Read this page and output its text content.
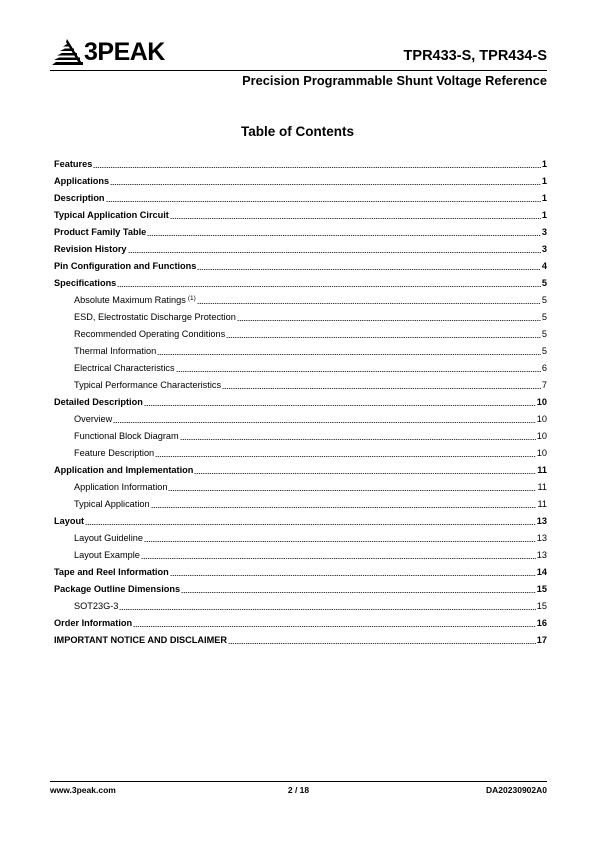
3PEAK	TPR433-S, TPR434-S
Precision Programmable Shunt Voltage Reference
Table of Contents
Features	1
Applications	1
Description	1
Typical Application Circuit	1
Product Family Table	3
Revision History	3
Pin Configuration and Functions	4
Specifications	5
Absolute Maximum Ratings $^{(1)}$	5
ESD, Electrostatic Discharge Protection	5
Recommended Operating Conditions	5
Thermal Information	5
Electrical Characteristics	6
Typical Performance Characteristics	7
Detailed Description	10
Overview	10
Functional Block Diagram	10
Feature Description	10
Application and Implementation	11
Application Information	11
Typical Application	11
Layout	13
Layout Guideline	13
Layout Example	13
Tape and Reel Information	14
Package Outline Dimensions	15
SOT23G-3	15
Order Information	16
IMPORTANT NOTICE AND DISCLAIMER	17
www.3peak.com	2 / 18	DA20230902A0
